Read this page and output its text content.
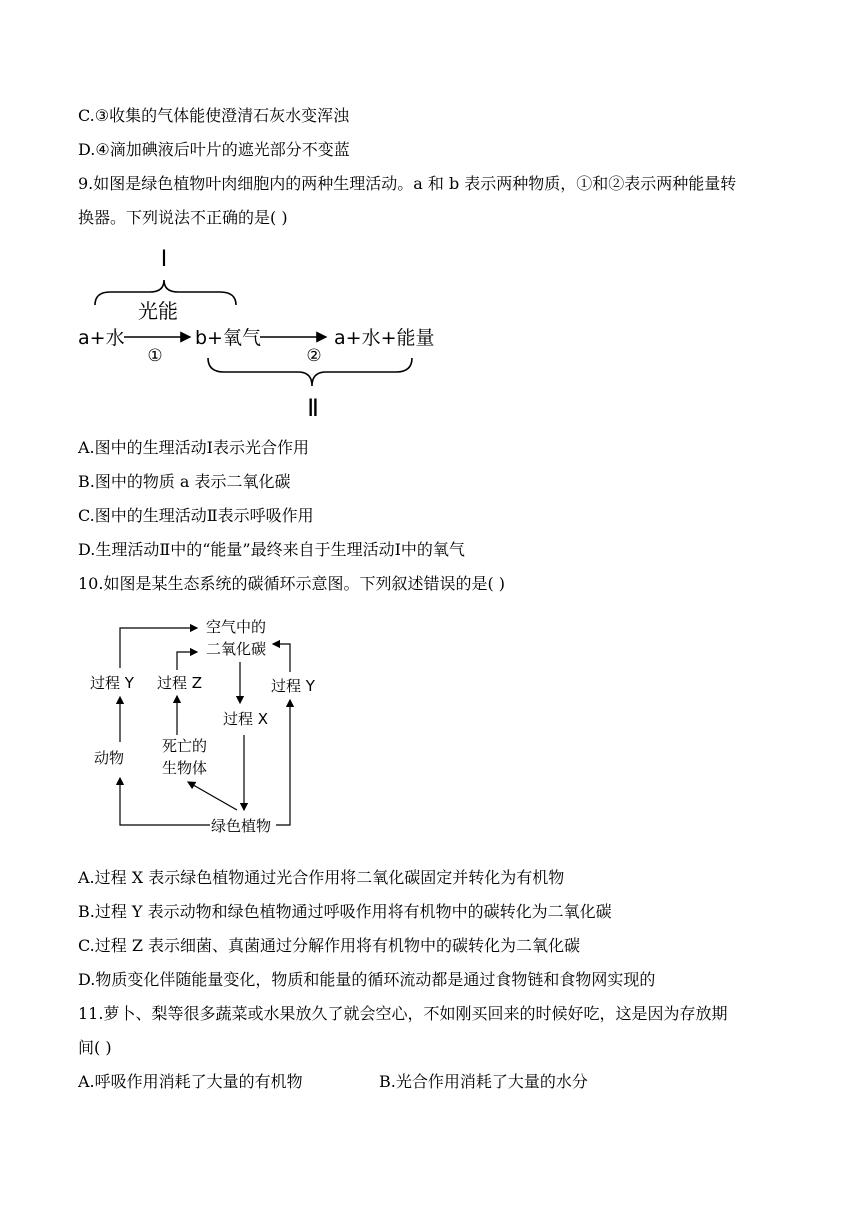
C.③收集的气体能使澄清石灰水变浑浊
D.④滴加碘液后叶片的遮光部分不变蓝
9.如图是绿色植物叶肉细胞内的两种生理活动。a 和 b 表示两种物质，①和②表示两种能量转
换器。下列说法不正确的是( )
Ⅰ
光能
a+水
①
b+氧气
②
a+水+能量
Ⅱ
A.图中的生理活动Ⅰ表示光合作用
B.图中的物质 a 表示二氧化碳
C.图中的生理活动Ⅱ表示呼吸作用
D.生理活动Ⅱ中的“能量”最终来自于生理活动Ⅰ中的氧气
10.如图是某生态系统的碳循环示意图。下列叙述错误的是( )
空气中的
二氧化碳
过程 Y 过程 Z	过程 Y
过程 X
动物
死亡的
生物体
绿色植物
A.过程 X 表示绿色植物通过光合作用将二氧化碳固定并转化为有机物
B.过程 Y 表示动物和绿色植物通过呼吸作用将有机物中的碳转化为二氧化碳
C.过程 Z 表示细菌、真菌通过分解作用将有机物中的碳转化为二氧化碳
D.物质变化伴随能量变化，物质和能量的循环流动都是通过食物链和食物网实现的
11.萝卜、梨等很多蔬菜或水果放久了就会空心，不如刚买回来的时候好吃，这是因为存放期
间( )
A.呼吸作用消耗了大量的有机物	B.光合作用消耗了大量的水分
